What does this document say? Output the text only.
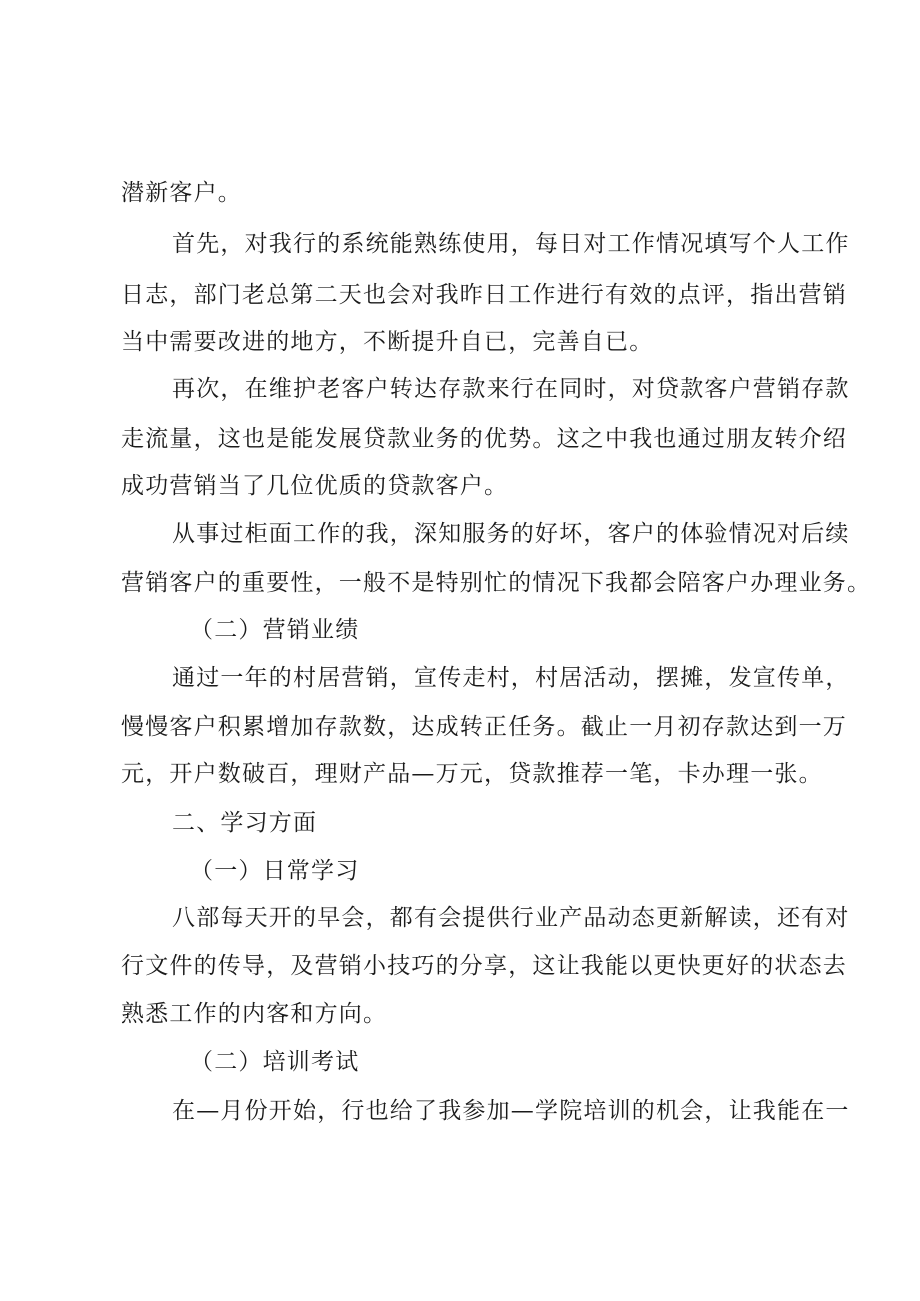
潜新客户。
首先，对我行的系统能熟练使用，每日对工作情况填写个人工作
日志，部门老总第二天也会对我昨日工作进行有效的点评，指出营销
当中需要改进的地方，不断提升自已，完善自已。
再次，在维护老客户转达存款来行在同时，对贷款客户营销存款
走流量，这也是能发展贷款业务的优势。这之中我也通过朋友转介绍
成功营销当了几位优质的贷款客户。
从事过柜面工作的我，深知服务的好坏，客户的体验情况对后续
营销客户的重要性，一般不是特别忙的情况下我都会陪客户办理业务。
（二）营销业绩
通过一年的村居营销，宣传走村，村居活动，摆摊，发宣传单，
慢慢客户积累增加存款数，达成转正任务。截止一月初存款达到一万
元，开户数破百，理财产品—万元，贷款推荐一笔，卡办理一张。
二、学习方面
（一）日常学习
八部每天开的早会，都有会提供行业产品动态更新解读，还有对
行文件的传导，及营销小技巧的分享，这让我能以更快更好的状态去
熟悉工作的内客和方向。
（二）培训考试
在—月份开始，行也给了我参加—学院培训的机会，让我能在一
